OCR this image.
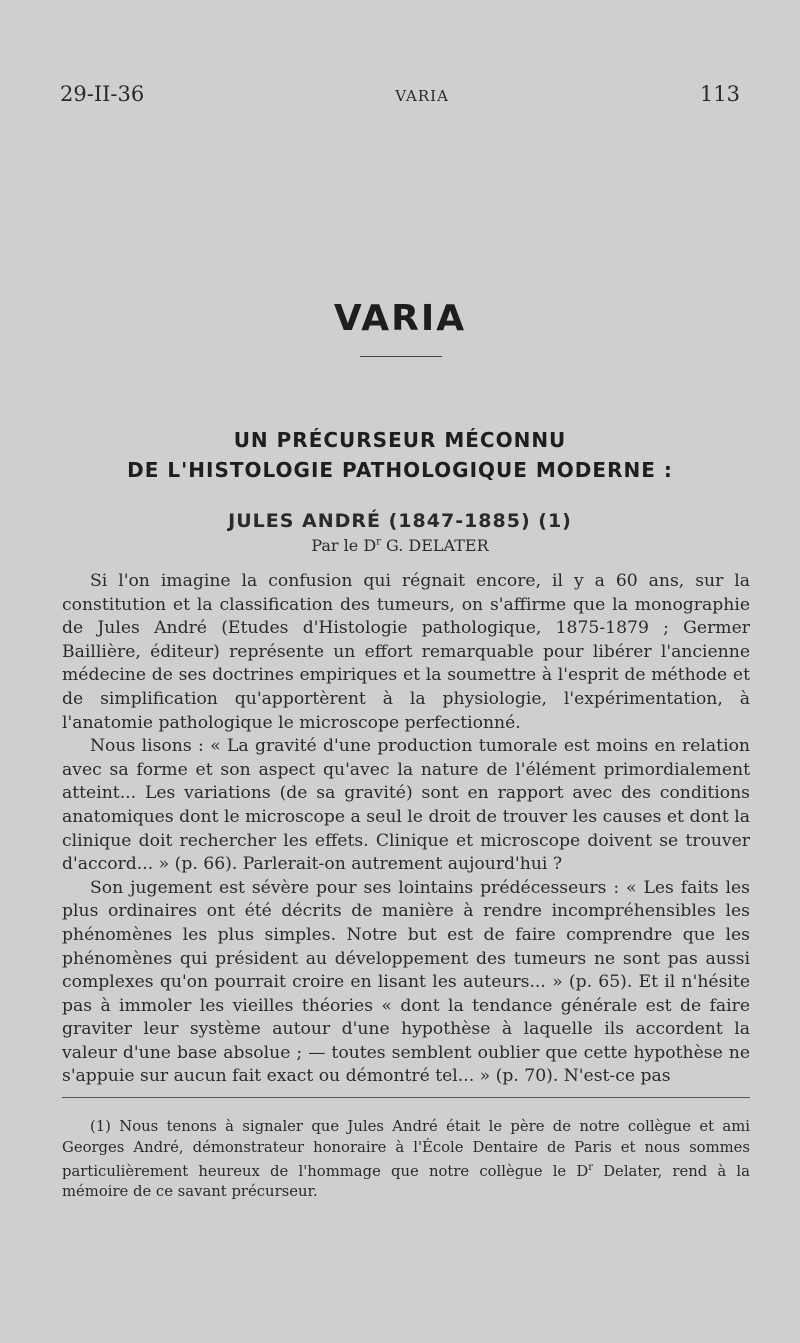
29-II-36	VARIA	113
VARIA
UN PRÉCURSEUR MÉCONNU
DE L'HISTOLOGIE PATHOLOGIQUE MODERNE :
JULES ANDRÉ (1847-1885) (1)
Par le $D^r$ G. DELATER

Si l'on imagine la confusion qui régnait encore, il y a 60 ans, sur la constitution et la classification des tumeurs, on s'affirme que la monographie de Jules André (Etudes d'Histologie pathologique, 1875-1879 ; Germer Baillière, éditeur) représente un effort remarquable pour libérer l'ancienne médecine de ses doctrines empiriques et la soumettre à l'esprit de méthode et de simplification qu'apportèrent à la physiologie, l'expérimentation, à l'anatomie pathologique le microscope perfectionné.

Nous lisons : « La gravité d'une production tumorale est moins en relation avec sa forme et son aspect qu'avec la nature de l'élément primordialement atteint... Les variations (de sa gravité) sont en rapport avec des conditions anatomiques dont le microscope a seul le droit de trouver les causes et dont la clinique doit rechercher les effets. Clinique et microscope doivent se trouver d'accord... » (p. 66). Parlerait-on autrement aujourd'hui ?

Son jugement est sévère pour ses lointains prédécesseurs : « Les faits les plus ordinaires ont été décrits de manière à rendre incompréhensibles les phénomènes les plus simples. Notre but est de faire comprendre que les phénomènes qui président au développement des tumeurs ne sont pas aussi complexes qu'on pourrait croire en lisant les auteurs... » (p. 65). Et il n'hésite pas à immoler les vieilles théories « dont la tendance générale est de faire graviter leur système autour d'une hypothèse à laquelle ils accordent la valeur d'une base absolue ; — toutes semblent oublier que cette hypothèse ne s'appuie sur aucun fait exact ou démontré tel... » (p. 70). N'est-ce pas

(1) Nous tenons à signaler que Jules André était le père de notre collègue et ami Georges André, démonstrateur honoraire à l'École Dentaire de Paris et nous sommes particulièrement heureux de l'hommage que notre collègue le $D^r$ Delater, rend à la mémoire de ce savant précurseur.
